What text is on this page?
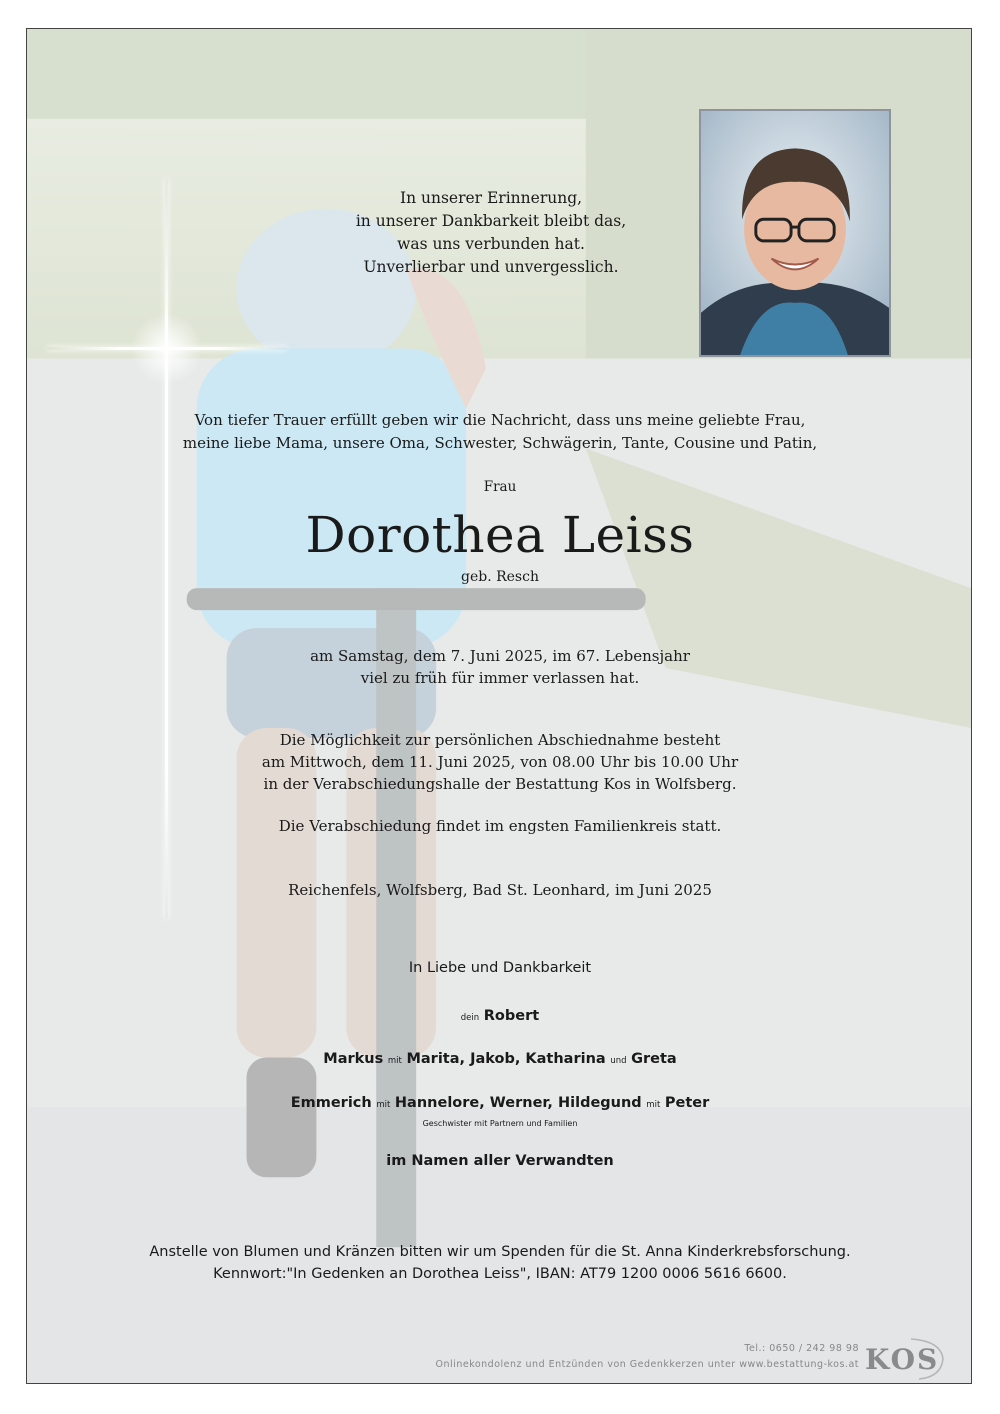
In unserer Erinnerung,
in unserer Dankbarkeit bleibt das,
was uns verbunden hat.
Unverlierbar und unvergesslich.
Von tiefer Trauer erfüllt geben wir die Nachricht, dass uns meine geliebte Frau,
meine liebe Mama, unsere Oma, Schwester, Schwägerin, Tante, Cousine und Patin,
Frau
Dorothea Leiss
geb. Resch
am Samstag, dem 7. Juni 2025, im 67. Lebensjahr
viel zu früh für immer verlassen hat.
Die Möglichkeit zur persönlichen Abschiednahme besteht
am Mittwoch, dem 11. Juni 2025, von 08.00 Uhr bis 10.00 Uhr
in der Verabschiedungshalle der Bestattung Kos in Wolfsberg.
Die Verabschiedung findet im engsten Familienkreis statt.
Reichenfels, Wolfsberg, Bad St. Leonhard, im Juni 2025
In Liebe und Dankbarkeit
dein Robert
Markus mit Marita, Jakob, Katharina und Greta
Emmerich mit Hannelore, Werner, Hildegund mit Peter
Geschwister mit Partnern und Familien
im Namen aller Verwandten
Anstelle von Blumen und Kränzen bitten wir um Spenden für die St. Anna Kinderkrebsforschung.
Kennwort:"In Gedenken an Dorothea Leiss", IBAN: AT79 1200 0006 5616 6600.
Tel.: 0650 / 242 98 98
Onlinekondolenz und Entzünden von Gedenkkerzen unter www.bestattung-kos.at KOS
